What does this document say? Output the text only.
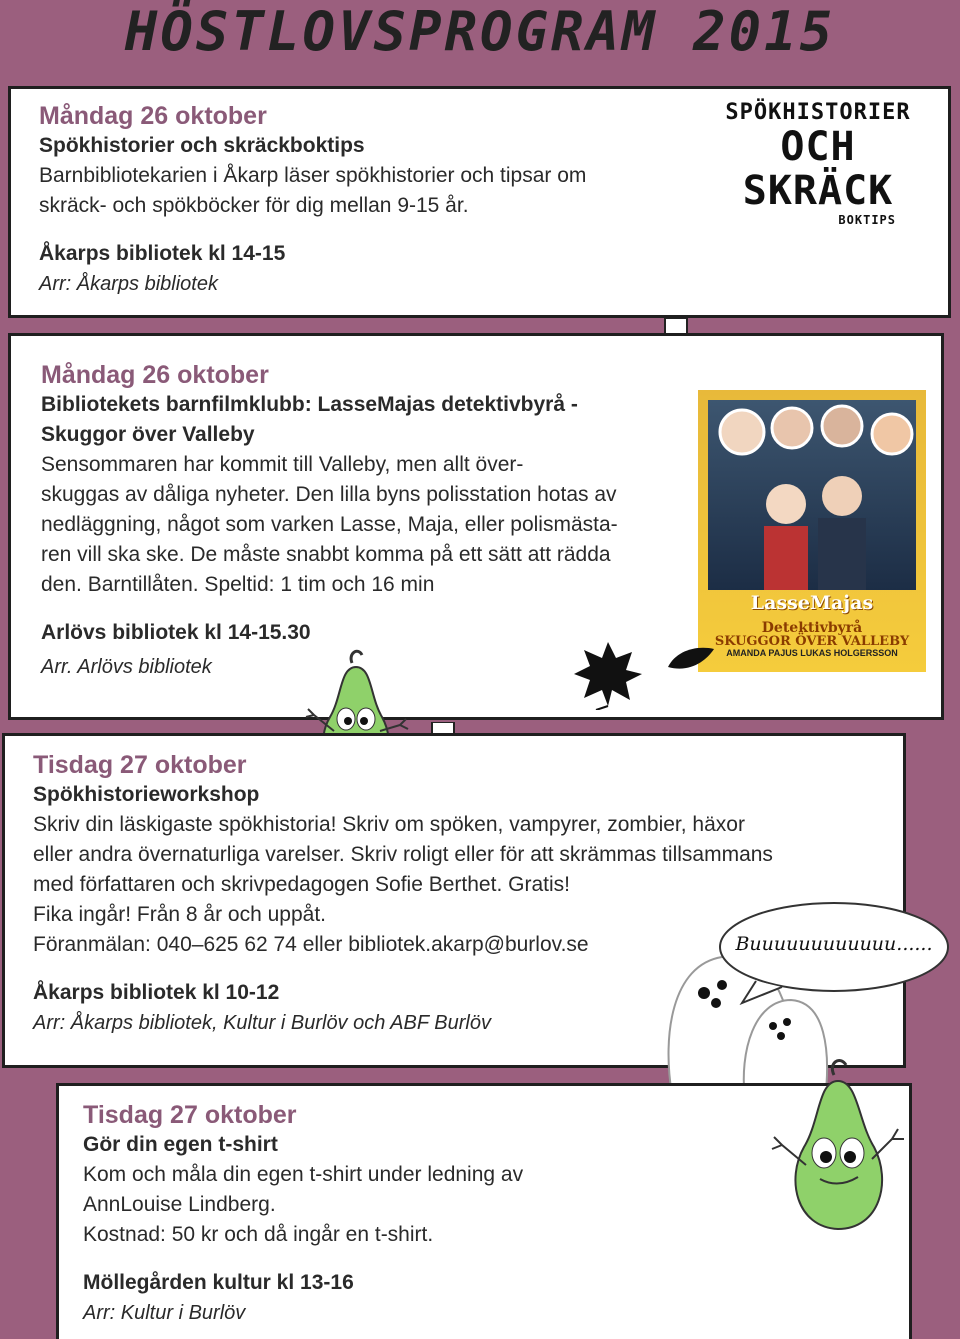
HÖSTLOVSPROGRAM 2015

Måndag 26 oktober

Spökhistorier och skräckboktips

Barnbibliotekarien i Åkarp läser spökhistorier och tipsar om

skräck- och spökböcker för dig mellan 9-15 år.

Åkarps bibliotek kl 14-15

Arr: Åkarps bibliotek

SPÖKHISTORIER
OCH
SKRÄCK
BOKTIPS

Måndag 26 oktober

Bibliotekets barnfilmklubb: LasseMajas detektivbyrå -

Skuggor över Valleby

Sensommaren har kommit till Valleby, men allt över-

skuggas av dåliga nyheter. Den lilla byns polisstation hotas av

nedläggning, något som varken Lasse, Maja, eller polismästa-

ren vill ska ske. De måste snabbt komma på ett sätt att rädda

den. Barntillåten. Speltid: 1 tim och 16 min

Arlövs bibliotek kl 14-15.30

Arr. Arlövs bibliotek

LasseMajas
Detektivbyrå
SKUGGOR ÖVER VALLEBY
AMANDA PAJUS LUKAS HOLGERSSON

Tisdag 27 oktober

Spökhistorieworkshop

Skriv din läskigaste spökhistoria! Skriv om spöken, vampyrer, zombier, häxor

eller andra övernaturliga varelser. Skriv roligt eller för att skrämmas tillsammans

med författaren och skrivpedagogen Sofie Berthet. Gratis!

Fika ingår! Från 8 år och uppåt.

Föranmälan: 040–625 62 74 eller bibliotek.akarp@burlov.se

Åkarps bibliotek kl 10-12

Arr: Åkarps bibliotek, Kultur i Burlöv och ABF Burlöv

Buuuuuuuuuuuu......

Tisdag 27 oktober

Gör din egen t-shirt

Kom och måla din egen t-shirt under ledning av

AnnLouise Lindberg.

Kostnad: 50 kr och då ingår en t-shirt.

Möllegården kultur kl 13-16

Arr: Kultur i Burlöv
